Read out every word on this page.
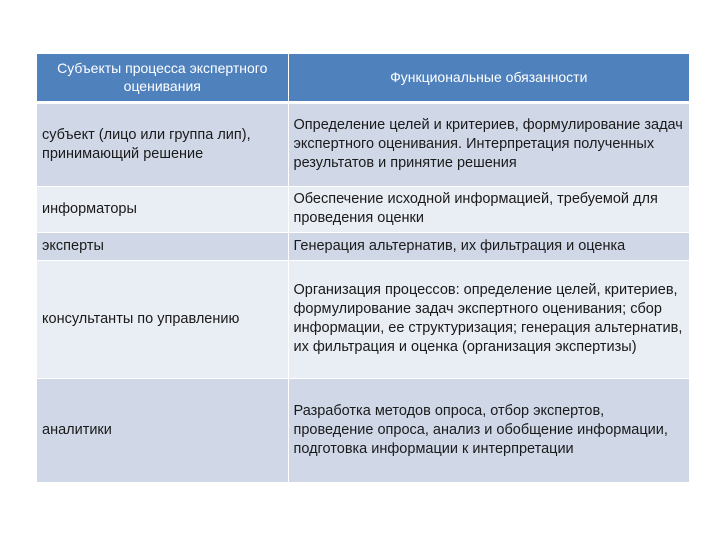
Субъекты процесса экспертного оценивания	Функциональные обязанности
субъект (лицо или группа лип), принимающий решение	Определение целей и критериев, формулирование задач экспертного оценивания. Интерпретация полученных результатов и принятие решения
информаторы	Обеспечение исходной информацией, требуемой для проведения оценки
эксперты	Генерация альтернатив, их фильтрация и оценка
консультанты по управлению	Организация процессов: определение целей, критериев, формулирование задач экспертного оценивания; сбор информации, ее структуризация; генерация альтернатив, их фильтрация и оценка (организация экспертизы)
аналитики	Разработка методов опроса, отбор экспертов, проведение опроса, анализ и обобщение информации, подготовка информации к интерпретации
